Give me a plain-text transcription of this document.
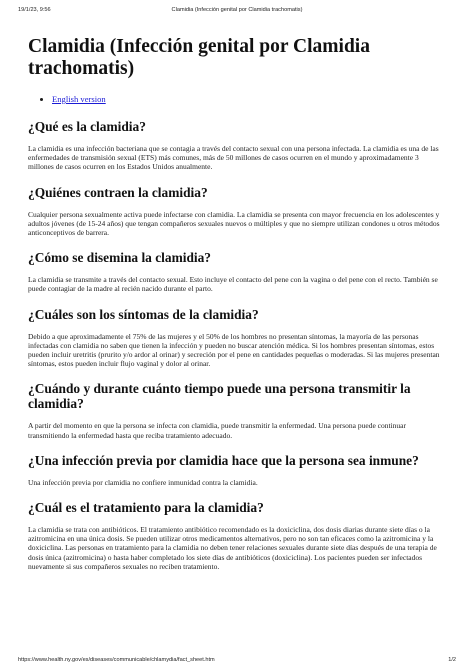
19/1/23, 9:56	Clamidia (Infección genital por Clamidia trachomatis)
Clamidia (Infección genital por Clamidia trachomatis)
• English version
¿Qué es la clamidia?

La clamidia es una infección bacteriana que se contagia a través del contacto sexual con una persona infectada. La clamidia es una de las enfermedades de transmisión sexual (ETS) más comunes, más de 50 millones de casos ocurren en el mundo y aproximadamente 3 millones de casos ocurren en los Estados Unidos anualmente.

¿Quiénes contraen la clamidia?

Cualquier persona sexualmente activa puede infectarse con clamidia. La clamidia se presenta con mayor frecuencia en los adolescentes y adultos jóvenes (de 15-24 años) que tengan compañeros sexuales nuevos o múltiples y que no siempre utilizan condones u otros métodos anticonceptivos de barrera.

¿Cómo se disemina la clamidia?

La clamidia se transmite a través del contacto sexual. Esto incluye el contacto del pene con la vagina o del pene con el recto. También se puede contagiar de la madre al recién nacido durante el parto.

¿Cuáles son los síntomas de la clamidia?

Debido a que aproximadamente el 75% de las mujeres y el 50% de los hombres no presentan síntomas, la mayoría de las personas infectadas con clamidia no saben que tienen la infección y pueden no buscar atención médica. Si los hombres presentan síntomas, estos pueden incluir uretritis (prurito y/o ardor al orinar) y secreción por el pene en cantidades pequeñas o moderadas. Si las mujeres presentan síntomas, estos pueden incluir flujo vaginal y dolor al orinar.

¿Cuándo y durante cuánto tiempo puede una persona transmitir la clamidia?

A partir del momento en que la persona se infecta con clamidia, puede transmitir la enfermedad. Una persona puede continuar transmitiendo la enfermedad hasta que reciba tratamiento adecuado.

¿Una infección previa por clamidia hace que la persona sea inmune?

Una infección previa por clamidia no confiere inmunidad contra la clamidia.

¿Cuál es el tratamiento para la clamidia?

La clamidia se trata con antibióticos. El tratamiento antibiótico recomendado es la doxiciclina, dos dosis diarias durante siete días o la azitromicina en una única dosis. Se pueden utilizar otros medicamentos alternativos, pero no son tan eficaces como la azitromicina y la doxiciclina. Las personas en tratamiento para la clamidia no deben tener relaciones sexuales durante siete días después de una terapia de dosis única (azitromicina) o hasta haber completado los siete días de antibióticos (doxiciclina). Los pacientes pueden ser infectados nuevamente si sus compañeros sexuales no reciben tratamiento.

https://www.health.ny.gov/es/diseases/communicable/chlamydia/fact_sheet.htm	1/2
